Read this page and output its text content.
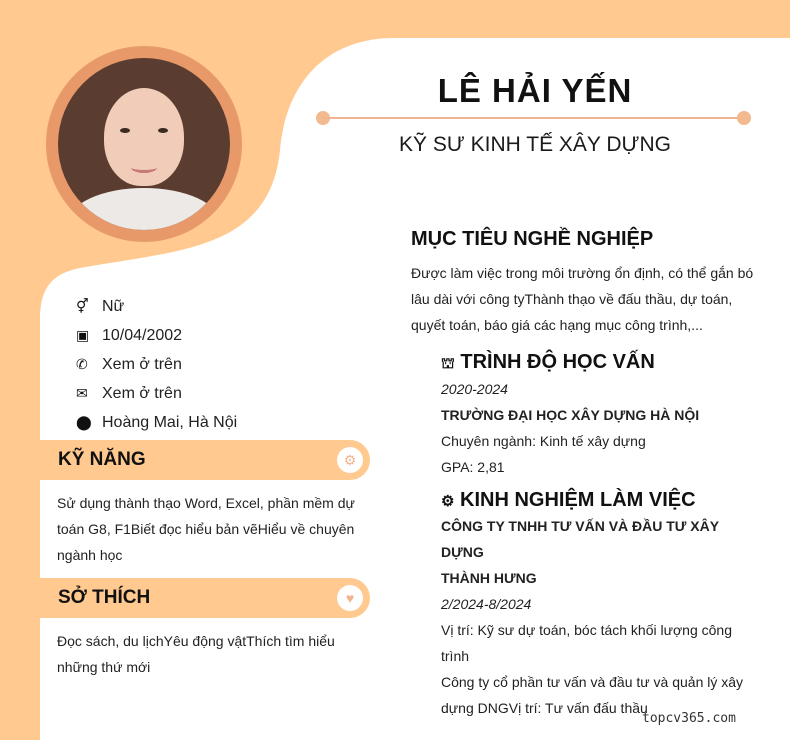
LÊ HẢI YẾN
KỸ SƯ KINH TẾ XÂY DỰNG
⚥ Nữ
▣ 10/04/2002
✆ Xem ở trên
✉ Xem ở trên
⬤ Hoàng Mai, Hà Nội
KỸ NĂNG	⚙
Sử dụng thành thạo Word, Excel, phần mềm dự
toán G8, F1Biết đọc hiểu bản vẽHiểu về chuyên
ngành học
SỞ THÍCH	♥
Đọc sách, du lịchYêu động vậtThích tìm hiểu
những thứ mới
MỤC TIÊU NGHỀ NGHIỆP
Được làm việc trong môi trường ổn định, có thể gắn bó
lâu dài với công tyThành thạo về đấu thầu, dự toán,
quyết toán, báo giá các hạng mục công trình,...
⛫ TRÌNH ĐỘ HỌC VẤN
2020-2024
TRƯỜNG ĐẠI HỌC XÂY DỰNG HÀ NỘI
Chuyên ngành: Kinh tế xây dựng
GPA: 2,81
⚙ KINH NGHIỆM LÀM VIỆC
CÔNG TY TNHH TƯ VẤN VÀ ĐẦU TƯ XÂY DỰNG
THÀNH HƯNG
2/2024-8/2024
Vị trí: Kỹ sư dự toán, bóc tách khối lượng công
trình
Công ty cổ phần tư vấn và đầu tư và quản lý xây
dựng DNGVị trí: Tư vấn đấu thầu
topcv365.com
